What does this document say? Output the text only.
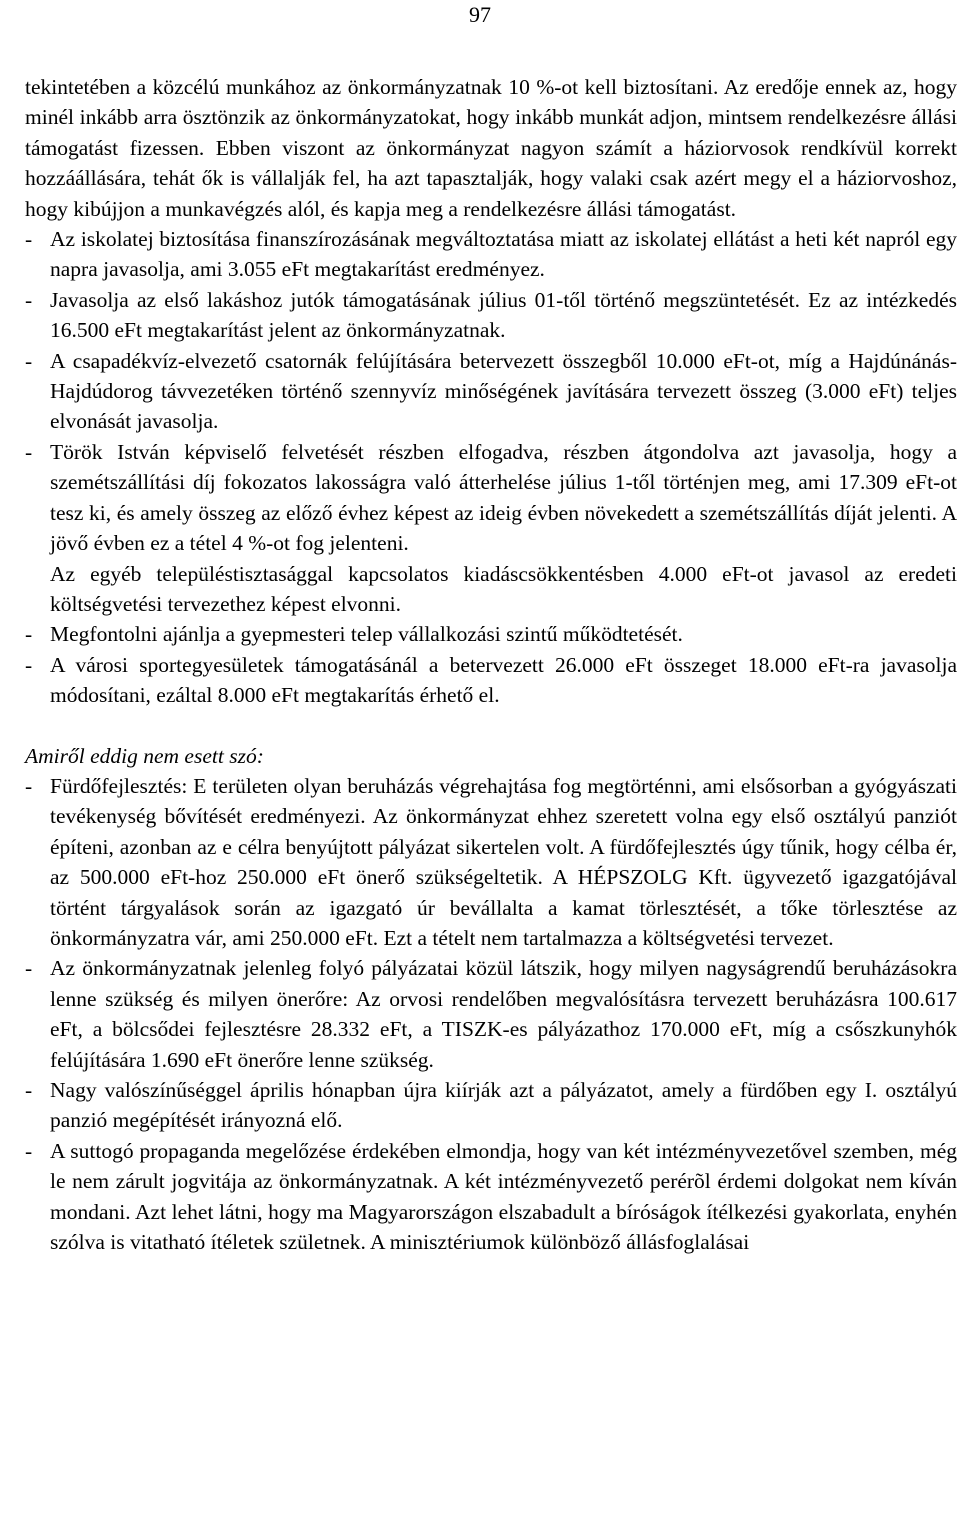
97

tekintetében a közcélú munkához az önkormányzatnak 10 %-ot kell biztosítani. Az eredője ennek az, hogy minél inkább arra ösztönzik az önkormányzatokat, hogy inkább munkát adjon, mintsem rendelkezésre állási támogatást fizessen. Ebben viszont az önkormányzat nagyon számít a háziorvosok rendkívül korrekt hozzáállására, tehát ők is vállalják fel, ha azt tapasztalják, hogy valaki csak azért megy el a háziorvoshoz, hogy kibújjon a munkavégzés alól, és kapja meg a rendelkezésre állási támogatást.

- Az iskolatej biztosítása finanszírozásának megváltoztatása miatt az iskolatej ellátást a heti két napról egy napra javasolja, ami 3.055 eFt megtakarítást eredményez.
- Javasolja az első lakáshoz jutók támogatásának július 01-től történő megszüntetését. Ez az intézkedés 16.500 eFt megtakarítást jelent az önkormányzatnak.
- A csapadékvíz-elvezető csatornák felújítására betervezett összegből 10.000 eFt-ot, míg a Hajdúnánás-Hajdúdorog távvezetéken történő szennyvíz minőségének javítására tervezett összeg (3.000 eFt) teljes elvonását javasolja.
- Török István képviselő felvetését részben elfogadva, részben átgondolva azt javasolja, hogy a szemétszállítási díj fokozatos lakosságra való átterhelése július 1-től történjen meg, ami 17.309 eFt-ot tesz ki, és amely összeg az előző évhez képest az ideig évben növekedett a szemétszállítás díját jelenti. A jövő évben ez a tétel 4 %-ot fog jelenteni.

Az egyéb településtisztasággal kapcsolatos kiadáscsökkentésben 4.000 eFt-ot javasol az eredeti költségvetési tervezethez képest elvonni.

- Megfontolni ajánlja a gyepmesteri telep vállalkozási szintű működtetését.
- A városi sportegyesületek támogatásánál a betervezett 26.000 eFt összeget 18.000 eFt-ra javasolja módosítani, ezáltal 8.000 eFt megtakarítás érhető el.

Amiről eddig nem esett szó:

- Fürdőfejlesztés: E területen olyan beruházás végrehajtása fog megtörténni, ami elsősorban a gyógyászati tevékenység bővítését eredményezi. Az önkormányzat ehhez szeretett volna egy első osztályú panziót építeni, azonban az e célra benyújtott pályázat sikertelen volt. A fürdőfejlesztés úgy tűnik, hogy célba ér, az 500.000 eFt-hoz 250.000 eFt önerő szükségeltetik. A HÉPSZOLG Kft. ügyvezető igazgatójával történt tárgyalások során az igazgató úr bevállalta a kamat törlesztését, a tőke törlesztése az önkormányzatra vár, ami 250.000 eFt. Ezt a tételt nem tartalmazza a költségvetési tervezet.
- Az önkormányzatnak jelenleg folyó pályázatai közül látszik, hogy milyen nagyságrendű beruházásokra lenne szükség és milyen önerőre: Az orvosi rendelőben megvalósításra tervezett beruházásra 100.617 eFt, a bölcsődei fejlesztésre 28.332 eFt, a TISZK-es pályázathoz 170.000 eFt, míg a csőszkunyhók felújítására 1.690 eFt önerőre lenne szükség.
- Nagy valószínűséggel április hónapban újra kiírják azt a pályázatot, amely a fürdőben egy I. osztályú panzió megépítését irányozná elő.
- A suttogó propaganda megelőzése érdekében elmondja, hogy van két intézményvezetővel szemben, még le nem zárult jogvitája az önkormányzatnak. A két intézményvezető perérõl érdemi dolgokat nem kíván mondani. Azt lehet látni, hogy ma Magyarországon elszabadult a bíróságok ítélkezési gyakorlata, enyhén szólva is vitatható ítéletek születnek. A minisztériumok különböző állásfoglalásai
